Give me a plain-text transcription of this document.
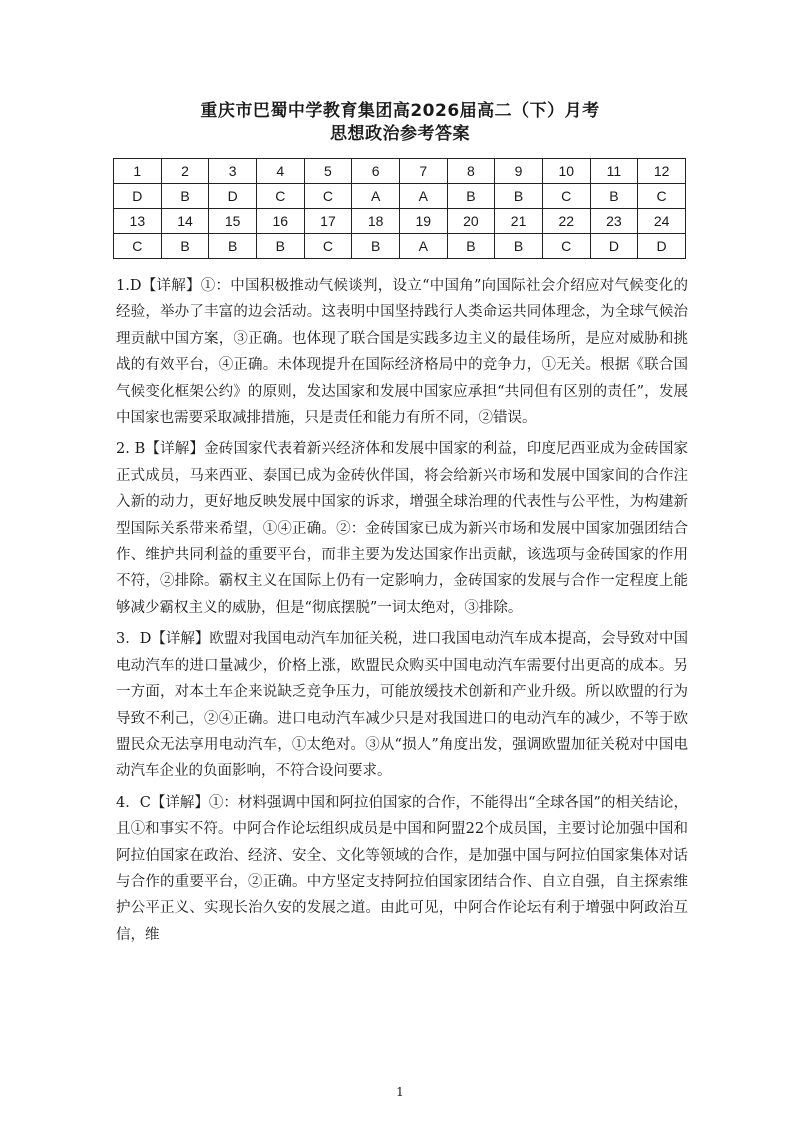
重庆市巴蜀中学教育集团高2026届高二（下）月考
思想政治参考答案
1	2	3	4	5	6	7	8	9	10	11	12
D	B	D	C	C	A	A	B	B	C	B	C
13	14	15	16	17	18	19	20	21	22	23	24
C	B	B	B	C	B	A	B	B	C	D	D

1.D【详解】①：中国积极推动气候谈判，设立“中国角”向国际社会介绍应对气候变化的经验，举办了丰富的边会活动。这表明中国坚持践行人类命运共同体理念，为全球气候治理贡献中国方案，③正确。也体现了联合国是实践多边主义的最佳场所，是应对威胁和挑战的有效平台，④正确。未体现提升在国际经济格局中的竞争力，①无关。根据《联合国气候变化框架公约》的原则，发达国家和发展中国家应承担“共同但有区别的责任”，发展中国家也需要采取减排措施，只是责任和能力有所不同，②错误。

2. B【详解】金砖国家代表着新兴经济体和发展中国家的利益，印度尼西亚成为金砖国家正式成员，马来西亚、泰国已成为金砖伙伴国，将会给新兴市场和发展中国家间的合作注入新的动力，更好地反映发展中国家的诉求，增强全球治理的代表性与公平性，为构建新型国际关系带来希望，①④正确。②：金砖国家已成为新兴市场和发展中国家加强团结合作、维护共同利益的重要平台，而非主要为发达国家作出贡献，该选项与金砖国家的作用不符，②排除。霸权主义在国际上仍有一定影响力，金砖国家的发展与合作一定程度上能够减少霸权主义的威胁，但是“彻底摆脱”一词太绝对，③排除。

3．D【详解】欧盟对我国电动汽车加征关税，进口我国电动汽车成本提高，会导致对中国电动汽车的进口量减少，价格上涨，欧盟民众购买中国电动汽车需要付出更高的成本。另一方面，对本土车企来说缺乏竞争压力，可能放缓技术创新和产业升级。所以欧盟的行为导致不利己，②④正确。进口电动汽车减少只是对我国进口的电动汽车的减少，不等于欧盟民众无法享用电动汽车，①太绝对。③从“损人”角度出发，强调欧盟加征关税对中国电动汽车企业的负面影响，不符合设问要求。

4．C【详解】①：材料强调中国和阿拉伯国家的合作，不能得出“全球各国”的相关结论，且①和事实不符。中阿合作论坛组织成员是中国和阿盟22个成员国，主要讨论加强中国和阿拉伯国家在政治、经济、安全、文化等领域的合作，是加强中国与阿拉伯国家集体对话与合作的重要平台，②正确。中方坚定支持阿拉伯国家团结合作、自立自强，自主探索维护公平正义、实现长治久安的发展之道。由此可见，中阿合作论坛有利于增强中阿政治互信，维

1
